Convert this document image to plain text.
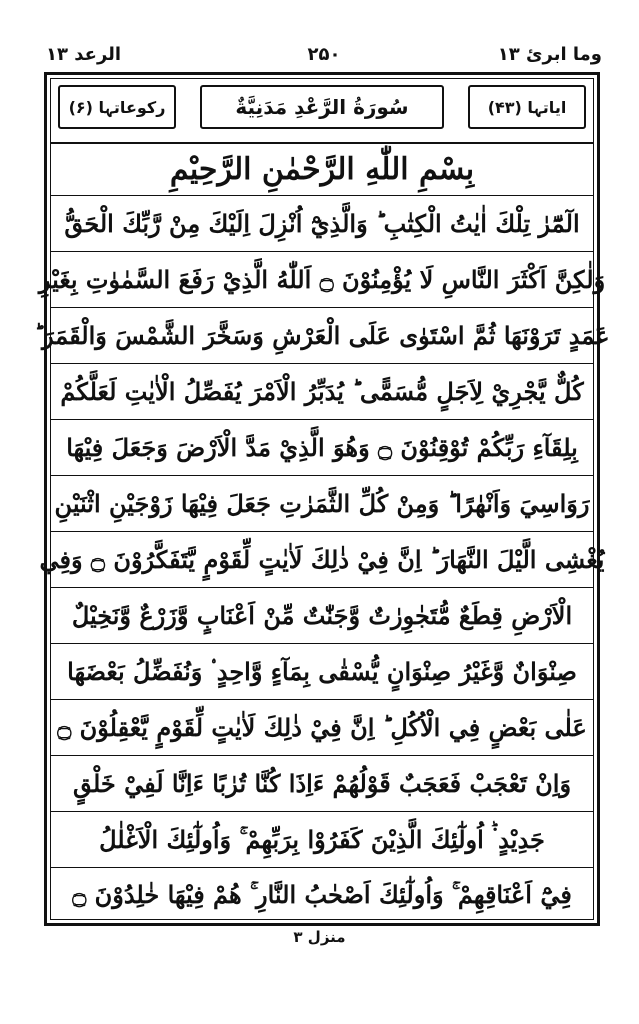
وما ابرئ ۱۳
۲۵۰
الرعد ۱۳
ایاتہا (۴۳)
سُورَةُ الرَّعْدِ مَدَنِيَّةٌ
رکوعاتہا (۶)
بِسْمِ اللّٰهِ الرَّحْمٰنِ الرَّحِيْمِ
الٓمّٓرٰ تِلْكَ اٰيٰتُ الْكِتٰبِ ؕ وَالَّذِيْٓ اُنْزِلَ اِلَيْكَ مِنْ رَّبِّكَ الْحَقُّ
وَلٰكِنَّ اَكْثَرَ النَّاسِ لَا يُؤْمِنُوْنَ ۝ اَللّٰهُ الَّذِيْ رَفَعَ السَّمٰوٰتِ بِغَيْرِ
عَمَدٍ تَرَوْنَهَا ثُمَّ اسْتَوٰى عَلَى الْعَرْشِ وَسَخَّرَ الشَّمْسَ وَالْقَمَرَ ؕ
كُلٌّ يَّجْرِيْ لِاَجَلٍ مُّسَمًّى ؕ يُدَبِّرُ الْاَمْرَ يُفَصِّلُ الْاٰيٰتِ لَعَلَّكُمْ
بِلِقَآءِ رَبِّكُمْ تُوْقِنُوْنَ ۝ وَهُوَ الَّذِيْ مَدَّ الْاَرْضَ وَجَعَلَ فِيْهَا
رَوَاسِيَ وَاَنْهٰرًا ؕ وَمِنْ كُلِّ الثَّمَرٰتِ جَعَلَ فِيْهَا زَوْجَيْنِ اثْنَيْنِ
يُغْشِى الَّيْلَ النَّهَارَ ؕ اِنَّ فِيْ ذٰلِكَ لَاٰيٰتٍ لِّقَوْمٍ يَّتَفَكَّرُوْنَ ۝ وَفِي
الْاَرْضِ قِطَعٌ مُّتَجٰوِرٰتٌ وَّجَنّٰتٌ مِّنْ اَعْنَابٍ وَّزَرْعٌ وَّنَخِيْلٌ
صِنْوَانٌ وَّغَيْرُ صِنْوَانٍ يُّسْقٰى بِمَآءٍ وَّاحِدٍ ۟ وَنُفَضِّلُ بَعْضَهَا
عَلٰى بَعْضٍ فِي الْاُكُلِ ؕ اِنَّ فِيْ ذٰلِكَ لَاٰيٰتٍ لِّقَوْمٍ يَّعْقِلُوْنَ ۝
وَاِنْ تَعْجَبْ فَعَجَبٌ قَوْلُهُمْ ءَاِذَا كُنَّا تُرٰبًا ءَاِنَّا لَفِيْ خَلْقٍ
جَدِيْدٍ ۬ؕ اُولٰٓئِكَ الَّذِيْنَ كَفَرُوْا بِرَبِّهِمْ ۚ وَاُولٰٓئِكَ الْاَغْلٰلُ
فِيْٓ اَعْنَاقِهِمْ ۚ وَاُولٰٓئِكَ اَصْحٰبُ النَّارِ ۚ هُمْ فِيْهَا خٰلِدُوْنَ ۝
منزل ۳
